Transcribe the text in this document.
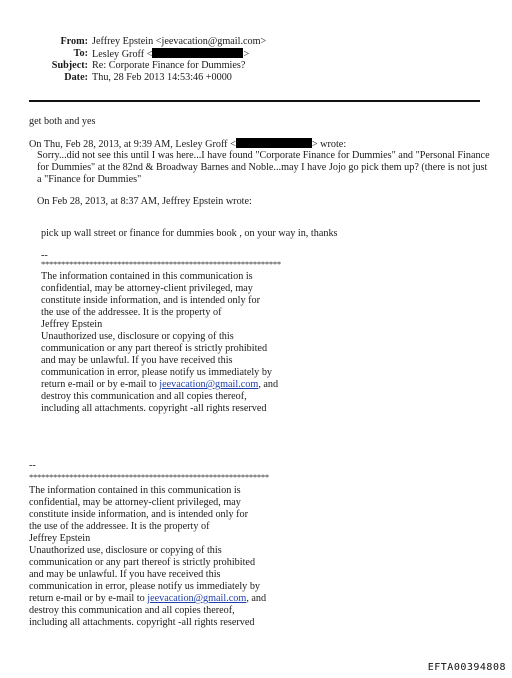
From: Jeffrey Epstein <jeevacation@gmail.com>
To: Lesley Groff <	>
Subject: Re: Corporate Finance for Dummies?
Date: Thu, 28 Feb 2013 14:53:46 +0000
get both and yes
On Thu, Feb 28, 2013, at 9:39 AM, Lesley Groff <	> wrote:
Sorry...did not see this until I was here...I have found "Corporate Finance for Dummies" and "Personal Finance
for Dummies" at the 82nd & Broadway Barnes and Noble...may I have Jojo go pick them up? (there is not just
a "Finance for Dummies"
On Feb 28, 2013, at 8:37 AM, Jeffrey Epstein wrote:
pick up wall street or finance for dummies book , on your way in, thanks
--
************************************************************
The information contained in this communication is
confidential, may be attorney-client privileged, may
constitute inside information, and is intended only for
the use of the addressee. It is the property of
Jeffrey Epstein
Unauthorized use, disclosure or copying of this
communication or any part thereof is strictly prohibited
and may be unlawful. If you have received this
communication in error, please notify us immediately by
return e-mail or by e-mail to jeevacation@gmail.com, and
destroy this communication and all copies thereof,
including all attachments. copyright -all rights reserved
--
************************************************************
The information contained in this communication is
confidential, may be attorney-client privileged, may
constitute inside information, and is intended only for
the use of the addressee. It is the property of
Jeffrey Epstein
Unauthorized use, disclosure or copying of this
communication or any part thereof is strictly prohibited
and may be unlawful. If you have received this
communication in error, please notify us immediately by
return e-mail or by e-mail to jeevacation@gmail.com, and
destroy this communication and all copies thereof,
including all attachments. copyright -all rights reserved
EFTA00394808
